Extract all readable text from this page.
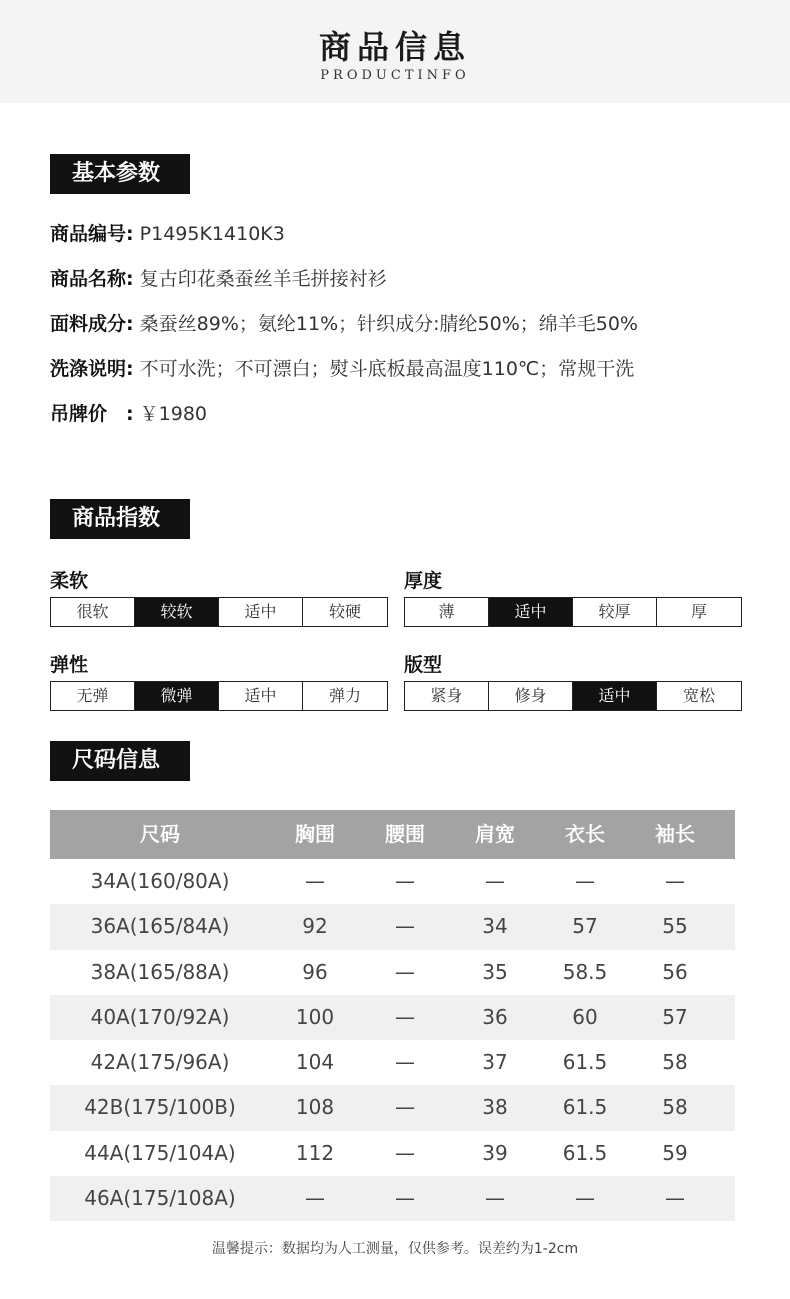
商品信息
PRODUCTINFO
基本参数
商品编号: P1495K1410K3
商品名称: 复古印花桑蚕丝羊毛拼接衬衫
面料成分: 桑蚕丝89%；氨纶11%；针织成分:腈纶50%；绵羊毛50%
洗涤说明: 不可水洗；不可漂白；熨斗底板最高温度110℃；常规干洗
吊牌价　: ￥1980
商品指数
柔软
很软	较软	适中	较硬
厚度
薄	适中	较厚	厚
弹性
无弹	微弹	适中	弹力
版型
紧身	修身	适中	宽松
尺码信息
尺码	胸围	腰围	肩宽	衣长	袖长
34A(160/80A)	—	—	—	—	—
36A(165/84A)	92	—	34	57	55
38A(165/88A)	96	—	35	58.5	56
40A(170/92A)	100	—	36	60	57
42A(175/96A)	104	—	37	61.5	58
42B(175/100B)	108	—	38	61.5	58
44A(175/104A)	112	—	39	61.5	59
46A(175/108A)	—	—	—	—	—
温馨提示：数据均为人工测量，仅供参考。误差约为1-2cm
